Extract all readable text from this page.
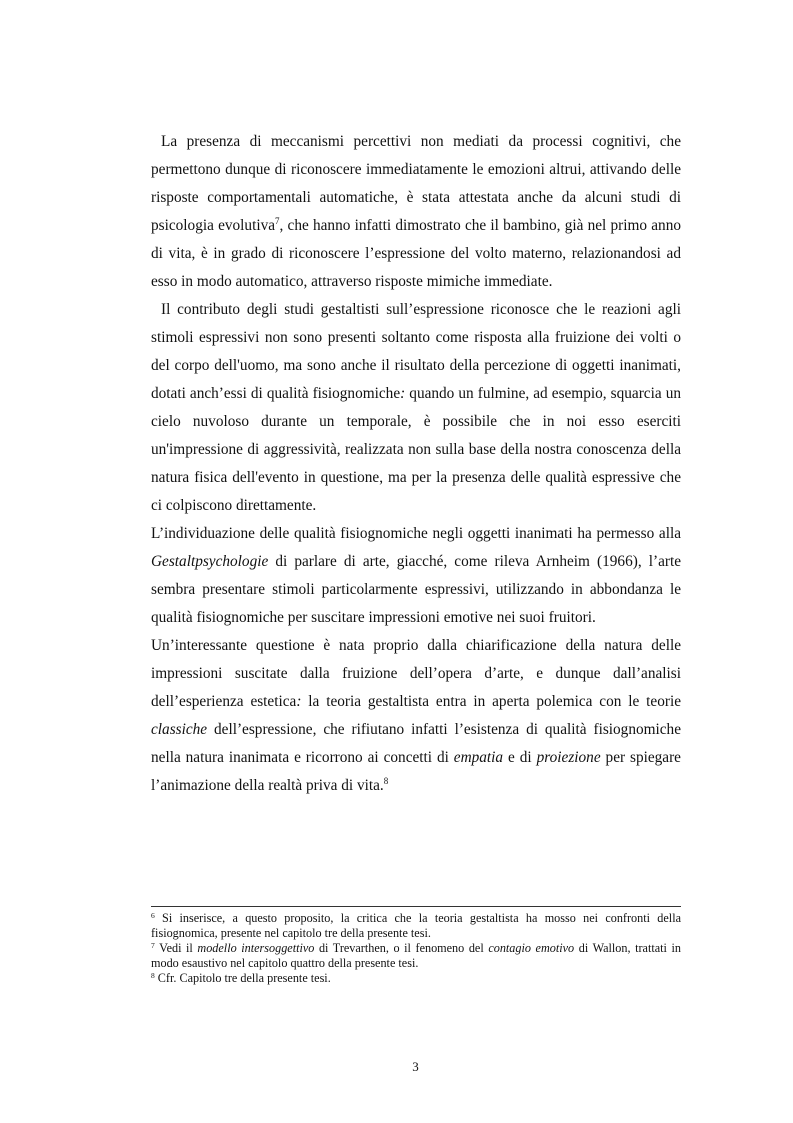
La presenza di meccanismi percettivi non mediati da processi cognitivi, che permettono dunque di riconoscere immediatamente le emozioni altrui, attivando delle risposte comportamentali automatiche, è stata attestata anche da alcuni studi di psicologia evolutiva$^7$, che hanno infatti dimostrato che il bambino, già nel primo anno di vita, è in grado di riconoscere l’espressione del volto materno, relazionandosi ad esso in modo automatico, attraverso risposte mimiche immediate.

Il contributo degli studi gestaltisti sull’espressione riconosce che le reazioni agli stimoli espressivi non sono presenti soltanto come risposta alla fruizione dei volti o del corpo dell'uomo, ma sono anche il risultato della percezione di oggetti inanimati, dotati anch’essi di qualità fisiognomiche: quando un fulmine, ad esempio, squarcia un cielo nuvoloso durante un temporale, è possibile che in noi esso eserciti un'impressione di aggressività, realizzata non sulla base della nostra conoscenza della natura fisica dell'evento in questione, ma per la presenza delle qualità espressive che ci colpiscono direttamente.

L’individuazione delle qualità fisiognomiche negli oggetti inanimati ha permesso alla Gestaltpsychologie di parlare di arte, giacché, come rileva Arnheim (1966), l’arte sembra presentare stimoli particolarmente espressivi, utilizzando in abbondanza le qualità fisiognomiche per suscitare impressioni emotive nei suoi fruitori.

Un’interessante questione è nata proprio dalla chiarificazione della natura delle impressioni suscitate dalla fruizione dell’opera d’arte, e dunque dall’analisi dell’esperienza estetica: la teoria gestaltista entra in aperta polemica con le teorie classiche dell’espressione, che rifiutano infatti l’esistenza di qualità fisiognomiche nella natura inanimata e ricorrono ai concetti di empatia e di proiezione per spiegare l’animazione della realtà priva di vita.$^8$

$^6$ Si inserisce, a questo proposito, la critica che la teoria gestaltista ha mosso nei confronti della fisiognomica, presente nel capitolo tre della presente tesi.

$^7$ Vedi il modello intersoggettivo di Trevarthen, o il fenomeno del contagio emotivo di Wallon, trattati in modo esaustivo nel capitolo quattro della presente tesi.

$^8$ Cfr. Capitolo tre della presente tesi.

3
